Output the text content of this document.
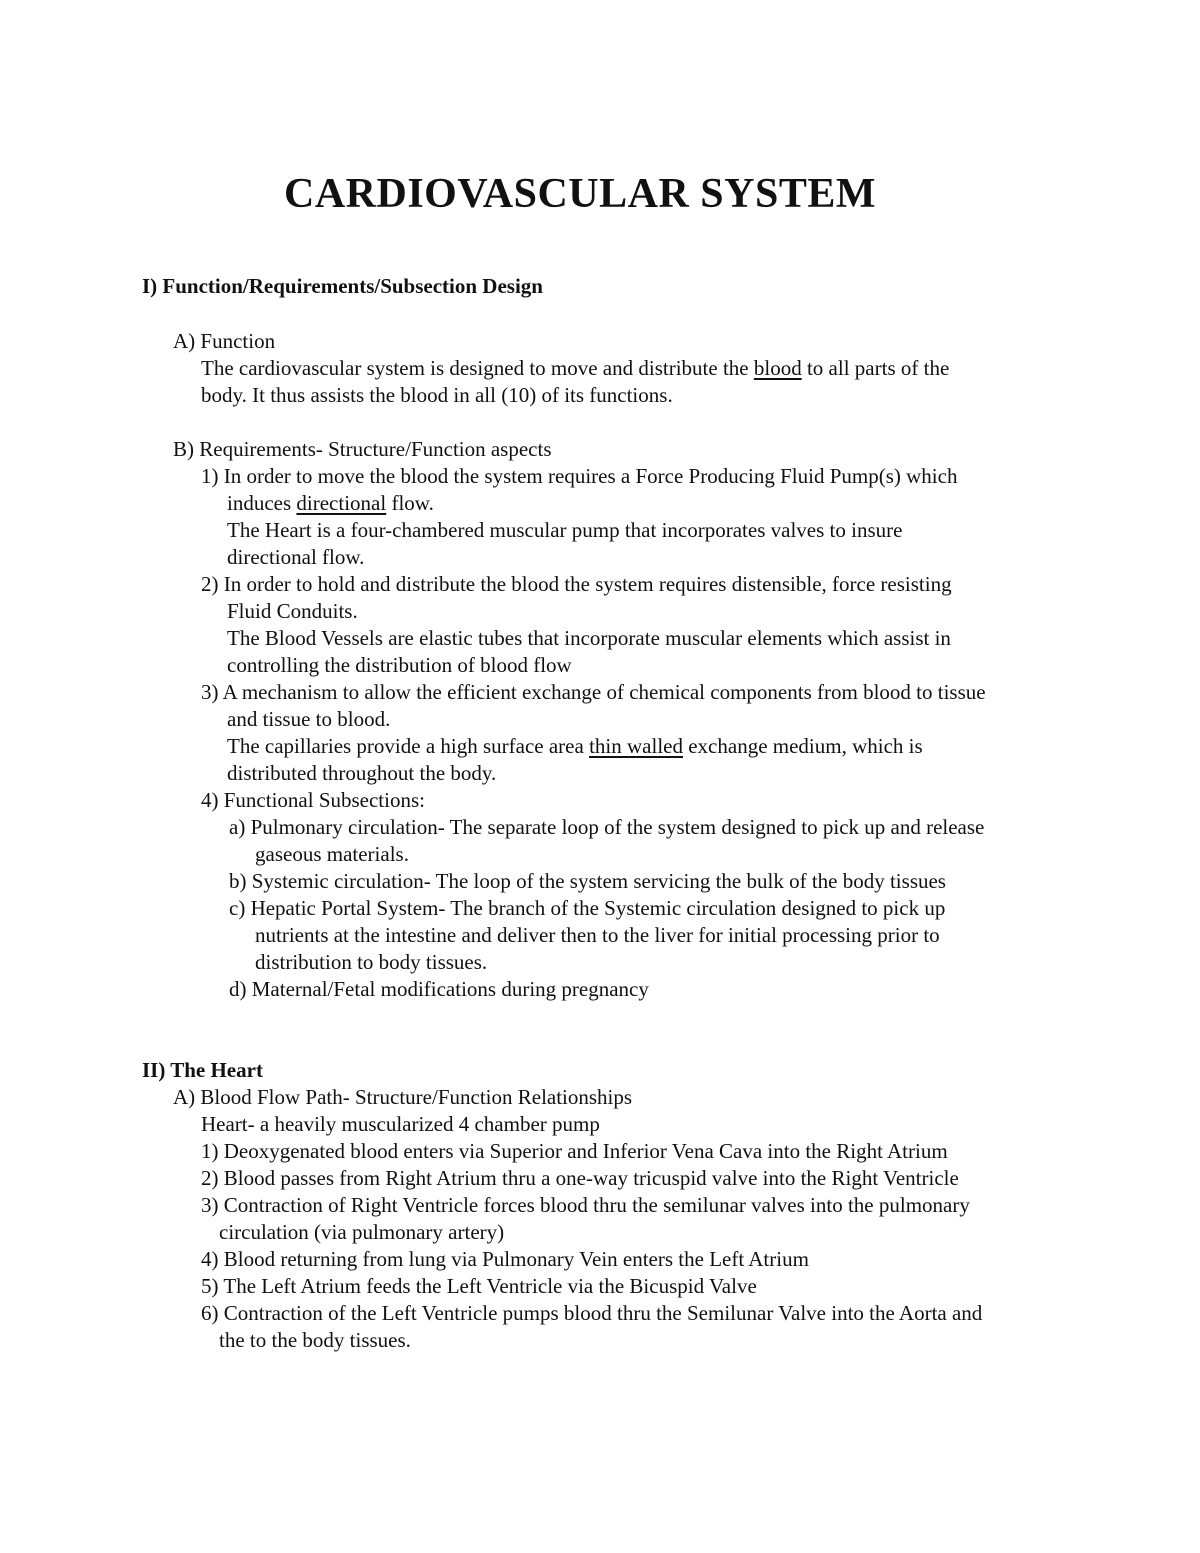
CARDIOVASCULAR SYSTEM
I) Function/Requirements/Subsection Design
A) Function
The cardiovascular system is designed to move and distribute the blood to all parts of the
body. It thus assists the blood in all (10) of its functions.
B) Requirements- Structure/Function aspects
1) In order to move the blood the system requires a Force Producing Fluid Pump(s) which
induces directional flow.
The Heart is a four-chambered muscular pump that incorporates valves to insure
directional flow.
2) In order to hold and distribute the blood the system requires distensible, force resisting
Fluid Conduits.
The Blood Vessels are elastic tubes that incorporate muscular elements which assist in
controlling the distribution of blood flow
3) A mechanism to allow the efficient exchange of chemical components from blood to tissue
and tissue to blood.
The capillaries provide a high surface area thin walled exchange medium, which is
distributed throughout the body.
4) Functional Subsections:
a) Pulmonary circulation- The separate loop of the system designed to pick up and release
gaseous materials.
b) Systemic circulation- The loop of the system servicing the bulk of the body tissues
c) Hepatic Portal System- The branch of the Systemic circulation designed to pick up
nutrients at the intestine and deliver then to the liver for initial processing prior to
distribution to body tissues.
d) Maternal/Fetal modifications during pregnancy
II) The Heart
A) Blood Flow Path- Structure/Function Relationships
Heart- a heavily muscularized 4 chamber pump
1) Deoxygenated blood enters via Superior and Inferior Vena Cava into the Right Atrium
2) Blood passes from Right Atrium thru a one-way tricuspid valve into the Right Ventricle
3) Contraction of Right Ventricle forces blood thru the semilunar valves into the pulmonary
circulation (via pulmonary artery)
4) Blood returning from lung via Pulmonary Vein enters the Left Atrium
5) The Left Atrium feeds the Left Ventricle via the Bicuspid Valve
6) Contraction of the Left Ventricle pumps blood thru the Semilunar Valve into the Aorta and
the to the body tissues.
